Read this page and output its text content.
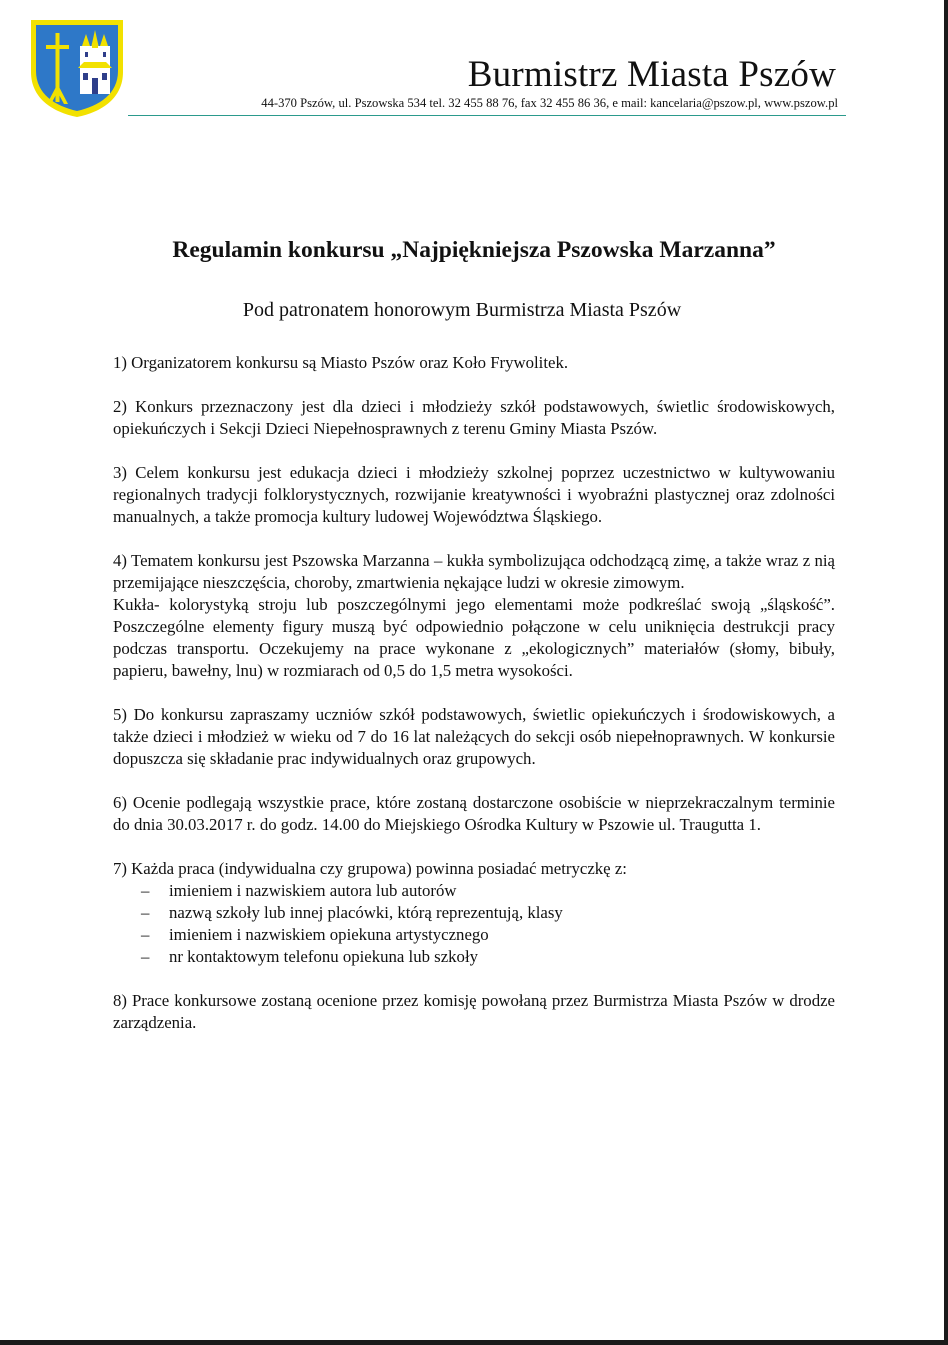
Burmistrz Miasta Pszów
44-370 Pszów, ul. Pszowska 534 tel. 32 455 88 76, fax 32 455 86 36, e mail: kancelaria@pszow.pl, www.pszow.pl
Regulamin konkursu „Najpiękniejsza Pszowska Marzanna”
Pod patronatem honorowym Burmistrza Miasta Pszów

1) Organizatorem konkursu są Miasto Pszów oraz Koło Frywolitek.

2) Konkurs przeznaczony jest dla dzieci i młodzieży szkół podstawowych, świetlic środowiskowych, opiekuńczych i Sekcji Dzieci Niepełnosprawnych z terenu Gminy Miasta Pszów.

3) Celem konkursu jest edukacja dzieci i młodzieży szkolnej poprzez uczestnictwo w kultywowaniu regionalnych tradycji folklorystycznych, rozwijanie kreatywności i wyobraźni plastycznej oraz zdolności manualnych, a także promocja kultury ludowej Województwa Śląskiego.

4) Tematem konkursu jest Pszowska Marzanna – kukła symbolizująca odchodzącą zimę, a także wraz z nią przemijające nieszczęścia, choroby, zmartwienia nękające ludzi w okresie zimowym.

Kukła- kolorystyką stroju lub poszczególnymi jego elementami może podkreślać swoją „śląskość”. Poszczególne elementy figury muszą być odpowiednio połączone w celu uniknięcia destrukcji pracy podczas transportu. Oczekujemy na prace wykonane z „ekologicznych” materiałów (słomy, bibuły, papieru, bawełny, lnu) w rozmiarach od 0,5 do 1,5 metra wysokości.

5) Do konkursu zapraszamy uczniów szkół podstawowych, świetlic opiekuńczych i środowiskowych, a także dzieci i młodzież w wieku od 7 do 16 lat należących do sekcji osób niepełnoprawnych. W konkursie dopuszcza się składanie prac indywidualnych oraz grupowych.

6) Ocenie podlegają wszystkie prace, które zostaną dostarczone osobiście w nieprzekraczalnym terminie do dnia 30.03.2017 r. do godz. 14.00 do Miejskiego Ośrodka Kultury w Pszowie ul. Traugutta 1.

7) Każda praca (indywidualna czy grupowa) powinna posiadać metryczkę z:

– imieniem i nazwiskiem autora lub autorów
– nazwą szkoły lub innej placówki, którą reprezentują, klasy
– imieniem i nazwiskiem opiekuna artystycznego
– nr kontaktowym telefonu opiekuna lub szkoły

8) Prace konkursowe zostaną ocenione przez komisję powołaną przez Burmistrza Miasta Pszów w drodze zarządzenia.
